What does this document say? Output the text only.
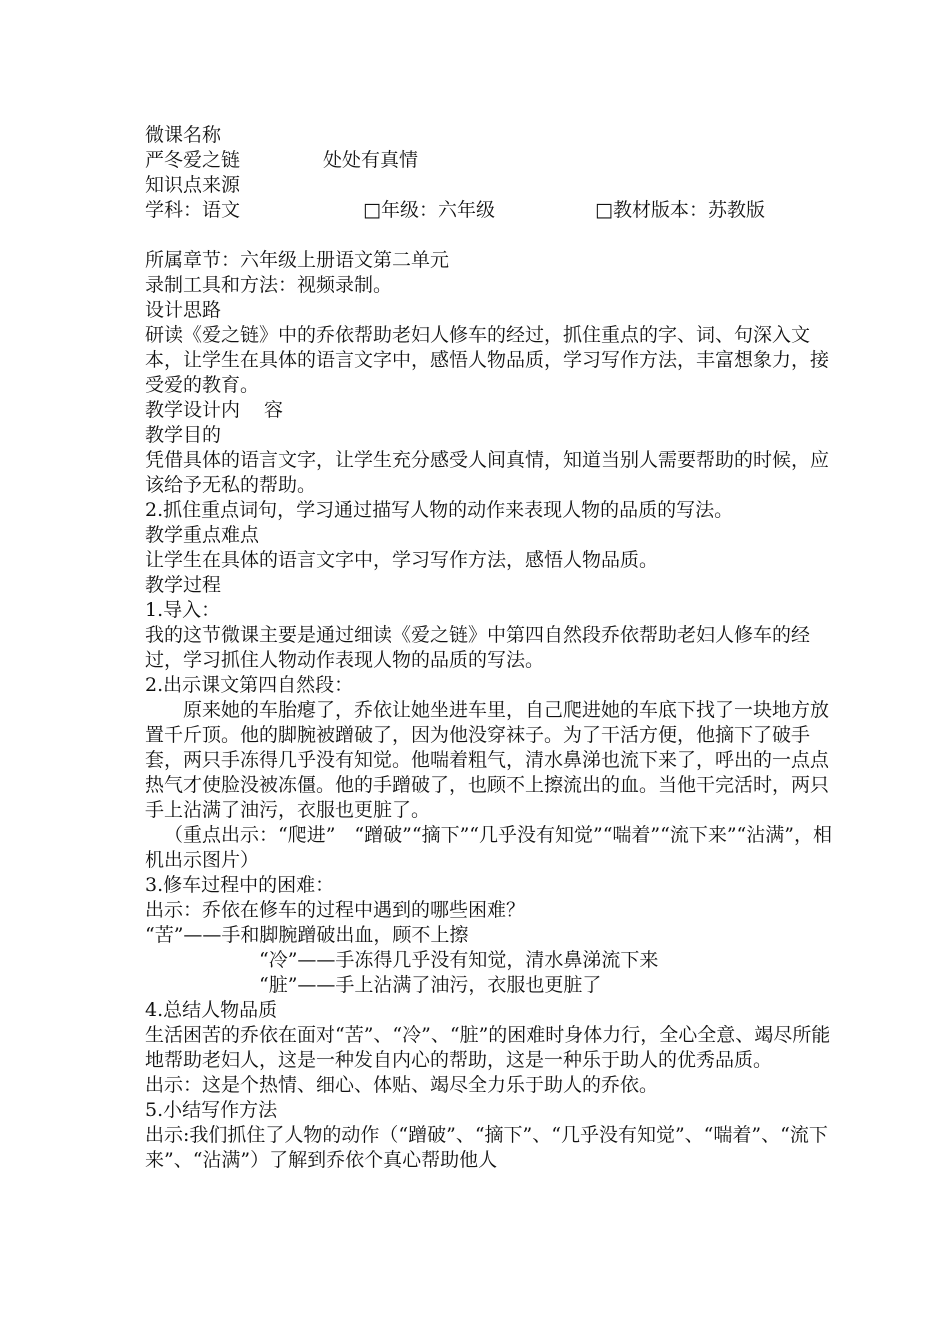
微课名称
严冬爱之链	处处有真情
知识点来源
学科：语文	□年级：六年级	□教材版本：苏教版
所属章节：六年级上册语文第二单元
录制工具和方法：视频录制。
设计思路
研读《爱之链》中的乔依帮助老妇人修车的经过，抓住重点的字、词、句深入文本，让学生在具体的语言文字中，感悟人物品质，学习写作方法，丰富想象力，接受爱的教育。
教学设计内 容
教学目的
凭借具体的语言文字，让学生充分感受人间真情，知道当别人需要帮助的时候，应该给予无私的帮助。
2.抓住重点词句，学习通过描写人物的动作来表现人物的品质的写法。
教学重点难点
让学生在具体的语言文字中，学习写作方法，感悟人物品质。
教学过程
1.导入：
我的这节微课主要是通过细读《爱之链》中第四自然段乔依帮助老妇人修车的经过，学习抓住人物动作表现人物的品质的写法。
2.出示课文第四自然段：
原来她的车胎瘪了，乔依让她坐进车里，自己爬进她的车底下找了一块地方放置千斤顶。他的脚腕被蹭破了，因为他没穿袜子。为了干活方便，他摘下了破手套，两只手冻得几乎没有知觉。他喘着粗气，清水鼻涕也流下来了，呼出的一点点热气才使脸没被冻僵。他的手蹭破了，也顾不上擦流出的血。当他干完活时，两只手上沾满了油污，衣服也更脏了。
（重点出示：“爬进”　“蹭破”“摘下”“几乎没有知觉”“喘着”“流下来”“沾满”，相机出示图片）
3.修车过程中的困难：
出示：乔依在修车的过程中遇到的哪些困难？
“苦”——手和脚腕蹭破出血，顾不上擦
“冷”——手冻得几乎没有知觉，清水鼻涕流下来
“脏”——手上沾满了油污，衣服也更脏了
4.总结人物品质
生活困苦的乔依在面对“苦”、“冷”、“脏”的困难时身体力行，全心全意、竭尽所能地帮助老妇人，这是一种发自内心的帮助，这是一种乐于助人的优秀品质。
出示：这是个热情、细心、体贴、竭尽全力乐于助人的乔依。
5.小结写作方法
出示:我们抓住了人物的动作（“蹭破”、“摘下”、“几乎没有知觉”、“喘着”、“流下来”、“沾满”）了解到乔依个真心帮助他人
